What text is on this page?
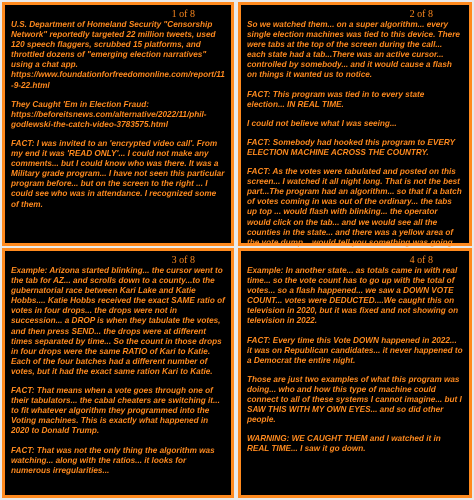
1 of 8

U.S. Department of Homeland Security "Censorship Network" reportedly targeted 22 million tweets, used 120 speech flaggers, scrubbed 15 platforms, and throttled dozens of "emerging election narratives" using a chat app.
https://www.foundationforfreedomonline.com/report/11-9-22.html

They Caught 'Em in Election Fraud:
https://beforeitsnews.com/alternative/2022/11/phil-godlewski-the-catch-video-3783575.html

FACT: I was invited to an 'encrypted video call'. From my end it was 'READ ONLY'... I could not make any comments... but I could know who was there. It was a Military grade program... I have not seen this particular program before... but on the screen to the right ... I could see who was in attendance. I recognized some of them.

2 of 8

So we watched them... on a super algorithm... every single election machines was tied to this device. There were tabs at the top of the screen during the call... each state had a tab...There was an active cursor... controlled by somebody... and it would cause a flash on things it wanted us to notice.

FACT: This program was tied in to every state election... IN REAL TIME.

I could not believe what I was seeing...

FACT: Somebody had hooked this program to EVERY ELECTION MACHINE ACROSS THE COUNTRY.

FACT: As the votes were tabulated and posted on this screen... I watched it all night long. That is not the best part...The program had an algorithm... so that if a batch of votes coming in was out of the ordinary... the tabs up top ... would flash with blinking... the operator would click on the tab... and we would see all the counties in the state... and there was a yellow area of the vote dump... would tell you something was going

3 of 8

Example: Arizona started blinking... the cursor went to the tab for AZ... and scrolls down to a county...to the gubernatorial race between Kari Lake and Katie Hobbs.... Katie Hobbs received the exact SAME ratio of votes in four drops... the drops were not in succession... a DROP is when they tabulate the votes, and then press SEND... the drops were at different times separated by time... So the count in those drops in four drops were the same RATIO of Kari to Katie. Each of the four batches had a different number of votes, but it had the exact same ration Kari to Katie.

FACT: That means when a vote goes through one of their tabulators... the cabal cheaters are switching it... to fit whatever algorithm they programmed into the Voting machines. This is exactly what happened in 2020 to Donald Trump.

FACT: That was not the only thing the algorithm was watching... along with the ratios... it looks for numerous irregularities...

4 of 8

Example: In another state... as totals came in with real time... so the vote count has to go up with the total of votes... so a flash happened... we saw a DOWN VOTE COUNT... votes were DEDUCTED....We caught this on television in 2020, but it was fixed and not showing on television in 2022.

FACT: Every time this Vote DOWN happened in 2022... it was on Republican candidates... it never happened to a Democrat the entire night.

Those are just two examples of what this program was doing... who and how this type of machine could connect to all of these systems I cannot imagine... but I SAW THIS WITH MY OWN EYES... and so did other people.

WARNING: WE CAUGHT THEM and I watched it in REAL TIME... I saw it go down.
